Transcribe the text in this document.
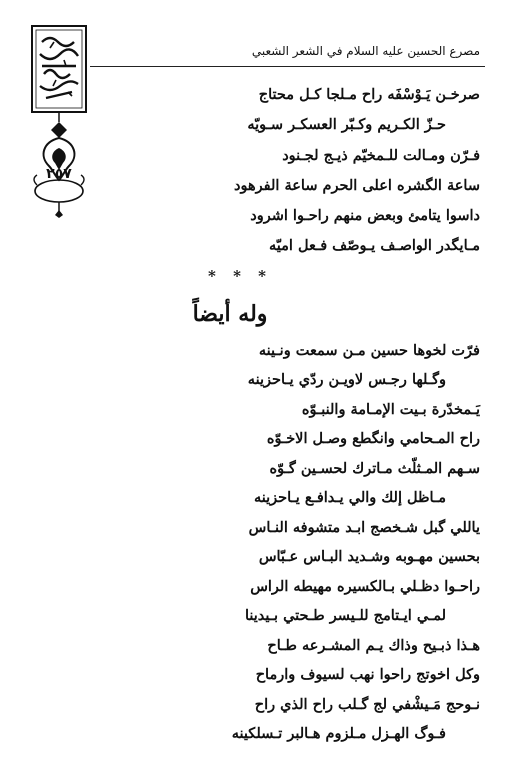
٢٥٧
مصرع الحسين عليه السلام في الشعر الشعبي
صرخـن يَـوْسْفَه راح مـلجا كـل محتاج
حـزّ الكـريم وكـبّر العسكـر سـويّه
فـرّن ومـالت للـمخيّم ذيـج لجـنود
ساعة الگشره اعلى الحرم ساعة الفرهود
داسوا يتامئ وبعض منهم راحـوا اشرود
مـايگدر الواصـف يـوصّف فـعل اميّه
* * *
وله أيضاً
فرّت لخوها حسين مـن سمعت ونـينه
وگـلها رجـس لاويـن ردّي يـاحزينه
يَـمخدّرة بـيت الإمـامة والنبـوّه
راح المـحامي وانگطع وصـل الاخـوّه
سـهم المـثلّث مـاترك لحسـين گـوّه
مـاظل إلك والي يـدافـع يـاحزينه
ياللي گبل شـخصج ابـد متشوفه النـاس
بحسين مهـوبه وشـديد البـاس عـبّاس
راحـوا دظـلي بـالكسيره مهيطه الراس
لمـي ايـتامج للـيسر طـحتي بـيدينا
هـذا ذبـيح وذاك يـم المشـرعه طـاح
وكل اخوتج راحوا نهب لسيوف وارماح
نـوحج مَـيشْفي لج گـلب راح الذي راح
فـوگ الهـزل مـلزوم هـالبر تـسلكينه
